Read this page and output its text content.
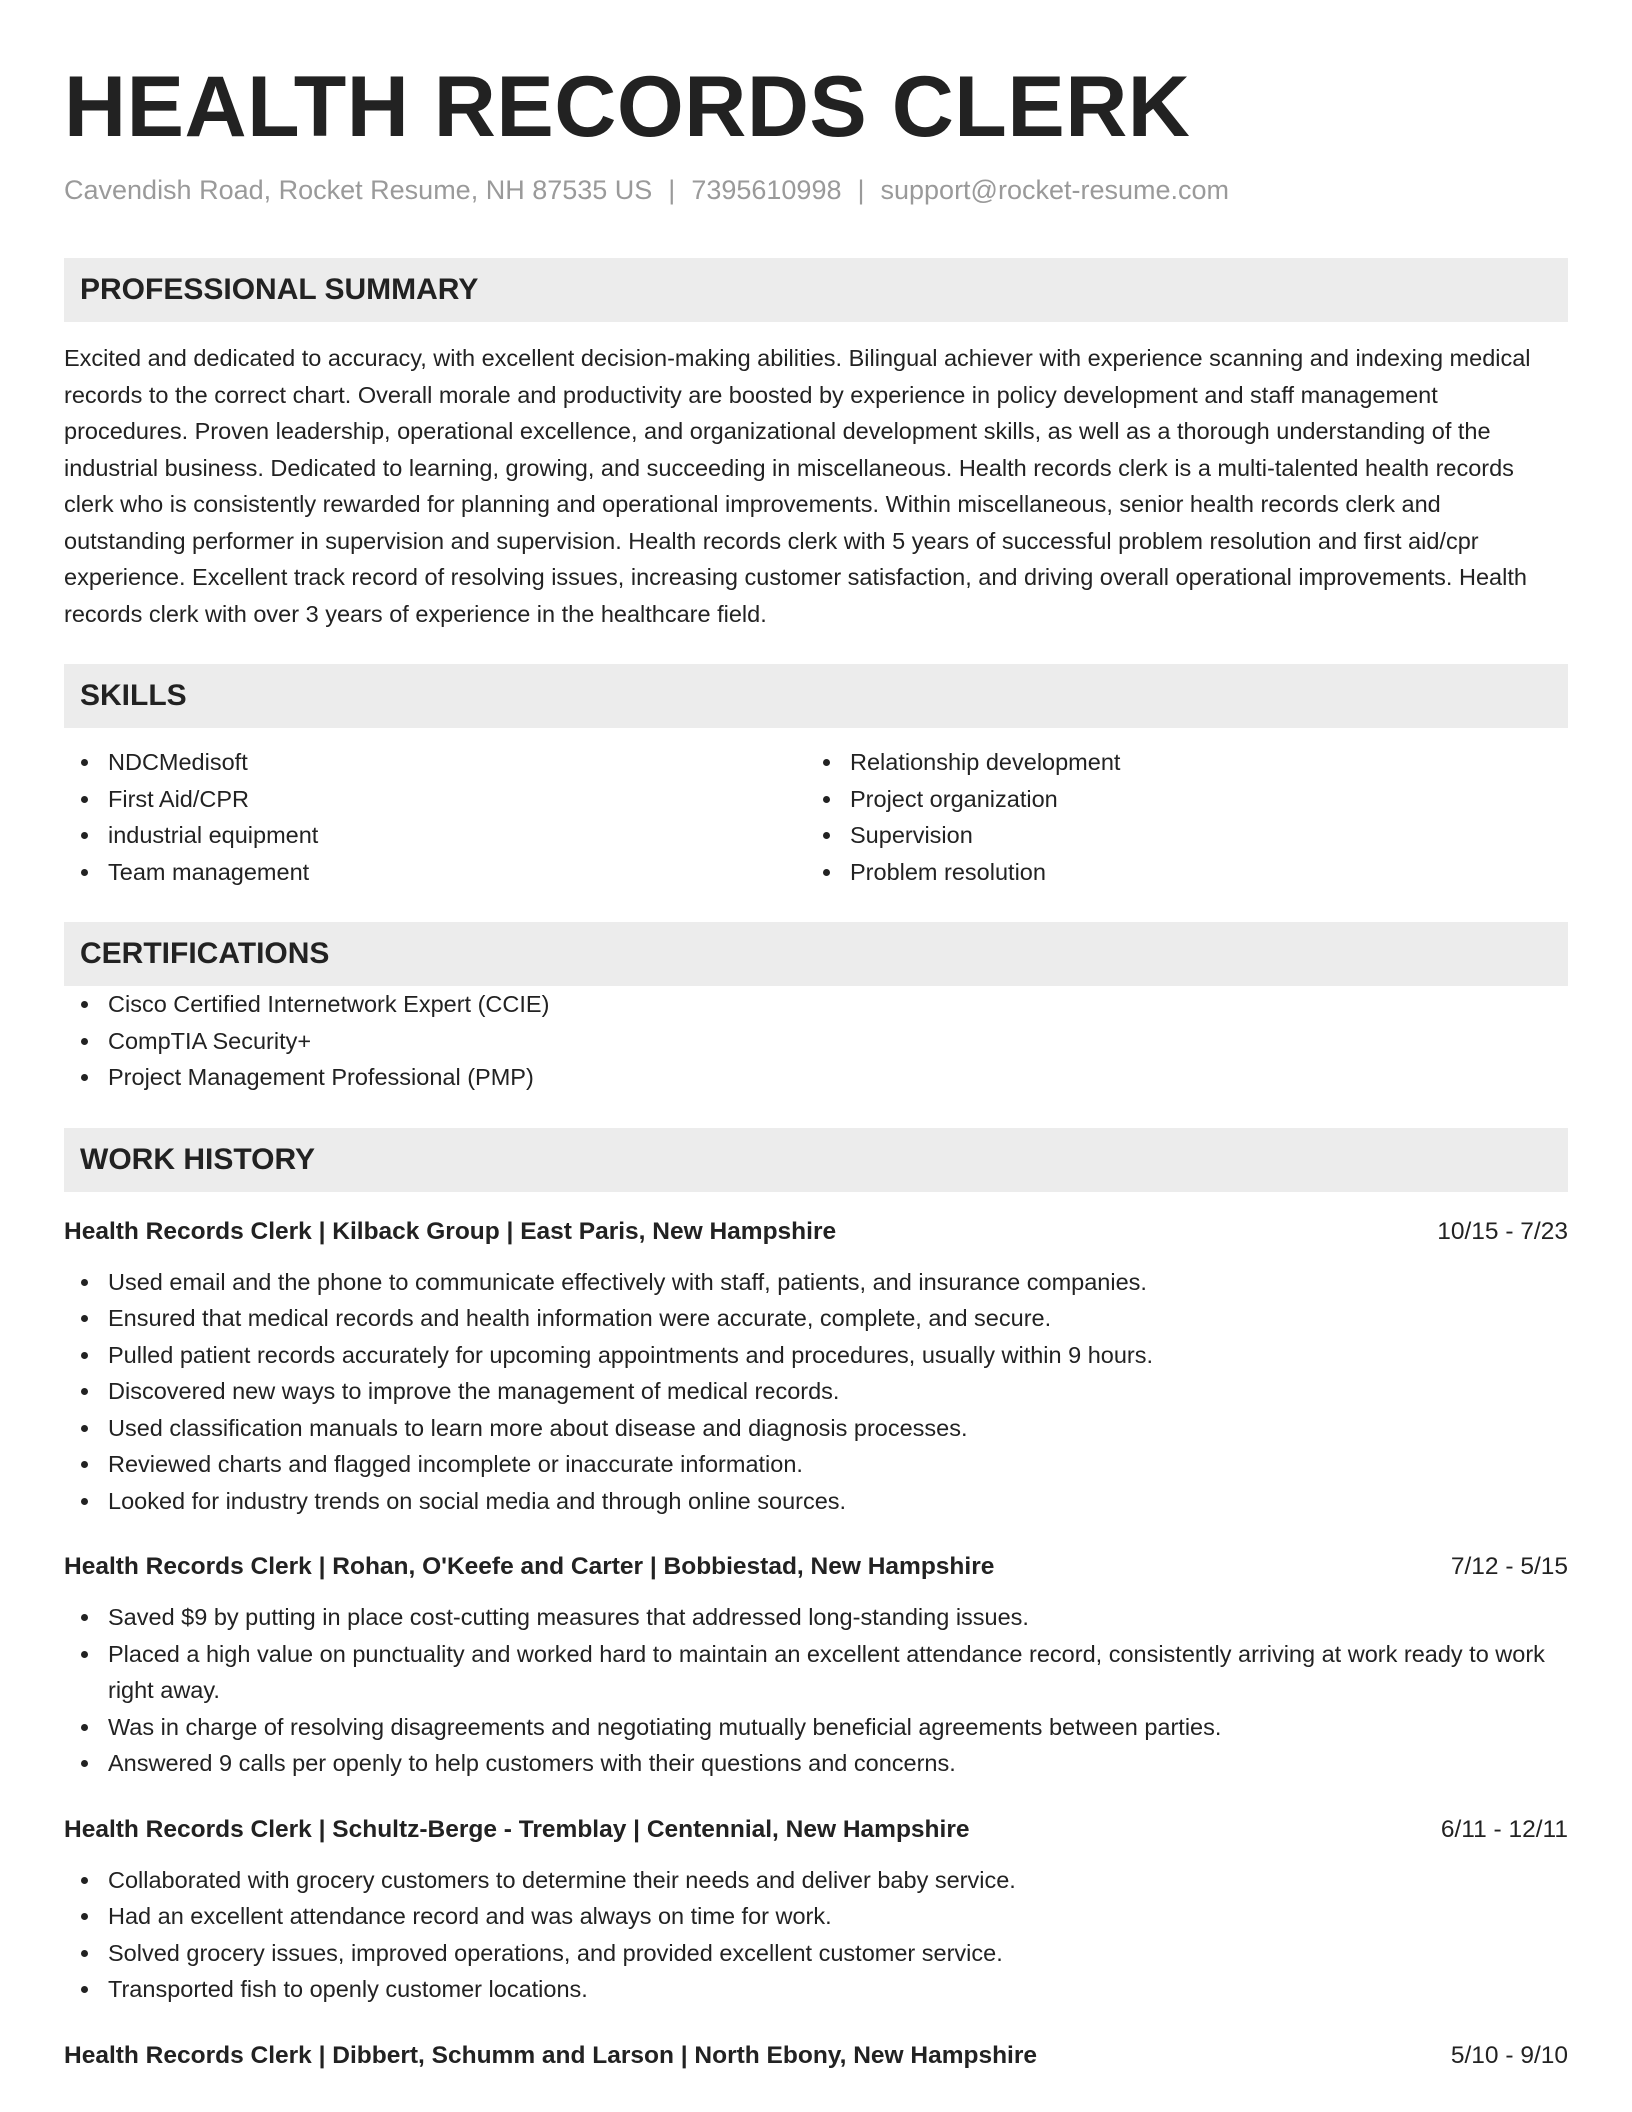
HEALTH RECORDS CLERK
Cavendish Road, Rocket Resume, NH 87535 US | 7395610998 | support@rocket-resume.com
PROFESSIONAL SUMMARY

Excited and dedicated to accuracy, with excellent decision-making abilities. Bilingual achiever with experience scanning and indexing medical records to the correct chart. Overall morale and productivity are boosted by experience in policy development and staff management procedures. Proven leadership, operational excellence, and organizational development skills, as well as a thorough understanding of the industrial business. Dedicated to learning, growing, and succeeding in miscellaneous. Health records clerk is a multi-talented health records clerk who is consistently rewarded for planning and operational improvements. Within miscellaneous, senior health records clerk and outstanding performer in supervision and supervision. Health records clerk with 5 years of successful problem resolution and first aid/cpr experience. Excellent track record of resolving issues, increasing customer satisfaction, and driving overall operational improvements. Health records clerk with over 3 years of experience in the healthcare field.

SKILLS
NDCMedisoft
First Aid/CPR
industrial equipment
Team management
Relationship development
Project organization
Supervision
Problem resolution
CERTIFICATIONS
Cisco Certified Internetwork Expert (CCIE)
CompTIA Security+
Project Management Professional (PMP)
WORK HISTORY
Health Records Clerk | Kilback Group | East Paris, New Hampshire	10/15 - 7/23
Used email and the phone to communicate effectively with staff, patients, and insurance companies.
Ensured that medical records and health information were accurate, complete, and secure.
Pulled patient records accurately for upcoming appointments and procedures, usually within 9 hours.
Discovered new ways to improve the management of medical records.
Used classification manuals to learn more about disease and diagnosis processes.
Reviewed charts and flagged incomplete or inaccurate information.
Looked for industry trends on social media and through online sources.
Health Records Clerk | Rohan, O'Keefe and Carter | Bobbiestad, New Hampshire	7/12 - 5/15
Saved $9 by putting in place cost-cutting measures that addressed long-standing issues.
Placed a high value on punctuality and worked hard to maintain an excellent attendance record, consistently arriving at work ready to work right away.
Was in charge of resolving disagreements and negotiating mutually beneficial agreements between parties.
Answered 9 calls per openly to help customers with their questions and concerns.
Health Records Clerk | Schultz-Berge - Tremblay | Centennial, New Hampshire	6/11 - 12/11
Collaborated with grocery customers to determine their needs and deliver baby service.
Had an excellent attendance record and was always on time for work.
Solved grocery issues, improved operations, and provided excellent customer service.
Transported fish to openly customer locations.
Health Records Clerk | Dibbert, Schumm and Larson | North Ebony, New Hampshire	5/10 - 9/10
